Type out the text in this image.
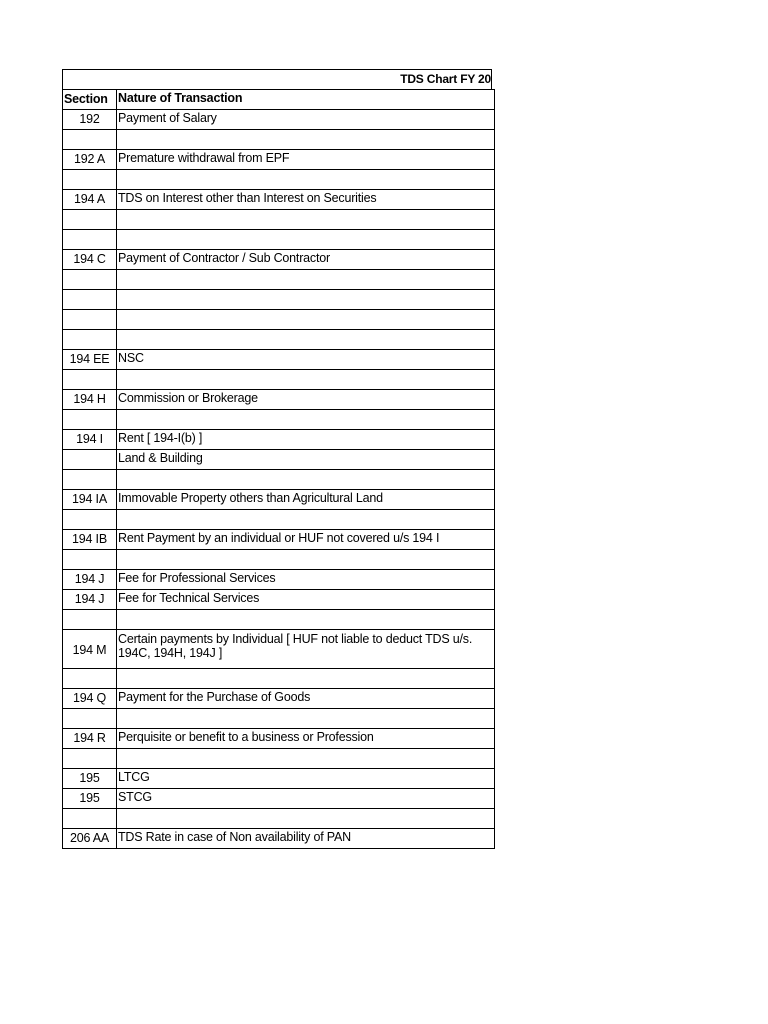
TDS Chart FY 20
Section	Nature of Transaction
192	Payment of Salary

192 A	Premature withdrawal from EPF

194 A	TDS on Interest other than Interest on Securities

194 C	Payment of Contractor / Sub Contractor

194 EE	NSC

194 H	Commission or Brokerage

194 I	Rent [ 194-I(b) ]
	Land & Building

194 IA	Immovable Property others than Agricultural Land

194 IB	Rent Payment by an individual or HUF not covered u/s 194 I

194 J	Fee for Professional Services
194 J	Fee for Technical Services

194 M	Certain payments by Individual [ HUF not liable to deduct TDS u/s. 194C, 194H, 194J ]

194 Q	Payment for the Purchase of Goods

194 R	Perquisite or benefit to a business or Profession

195	LTCG
195	STCG

206 AA	TDS Rate in case of Non availability of PAN
